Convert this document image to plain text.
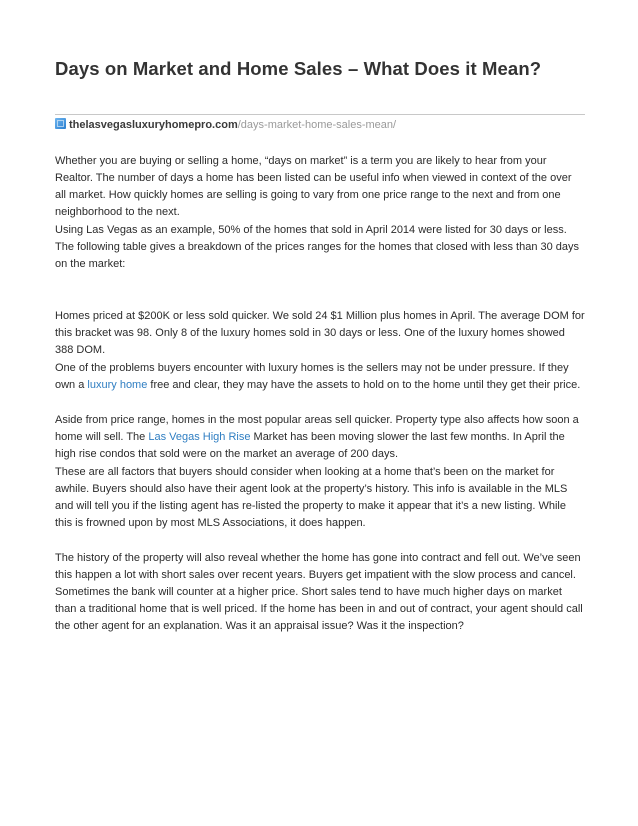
Days on Market and Home Sales – What Does it Mean?
thelasvegasluxuryhomepro.com/days-market-home-sales-mean/

Whether you are buying or selling a home, “days on market” is a term you are likely to hear from your Realtor. The number of days a home has been listed can be useful info when viewed in context of the over all market. How quickly homes are selling is going to vary from one price range to the next and from one neighborhood to the next.

Using Las Vegas as an example, 50% of the homes that sold in April 2014 were listed for 30 days or less. The following table gives a breakdown of the prices ranges for the homes that closed with less than 30 days on the market:

Homes priced at $200K or less sold quicker. We sold 24 $1 Million plus homes in April. The average DOM for this bracket was 98. Only 8 of the luxury homes sold in 30 days or less. One of the luxury homes showed 388 DOM.

One of the problems buyers encounter with luxury homes is the sellers may not be under pressure. If they own a luxury home free and clear, they may have the assets to hold on to the home until they get their price.

Aside from price range, homes in the most popular areas sell quicker. Property type also affects how soon a home will sell. The Las Vegas High Rise Market has been moving slower the last few months. In April the high rise condos that sold were on the market an average of 200 days.

These are all factors that buyers should consider when looking at a home that’s been on the market for awhile. Buyers should also have their agent look at the property’s history. This info is available in the MLS and will tell you if the listing agent has re-listed the property to make it appear that it’s a new listing. While this is frowned upon by most MLS Associations, it does happen.

The history of the property will also reveal whether the home has gone into contract and fell out. We’ve seen this happen a lot with short sales over recent years. Buyers get impatient with the slow process and cancel. Sometimes the bank will counter at a higher price. Short sales tend to have much higher days on market than a traditional home that is well priced. If the home has been in and out of contract, your agent should call the other agent for an explanation. Was it an appraisal issue? Was it the inspection?
